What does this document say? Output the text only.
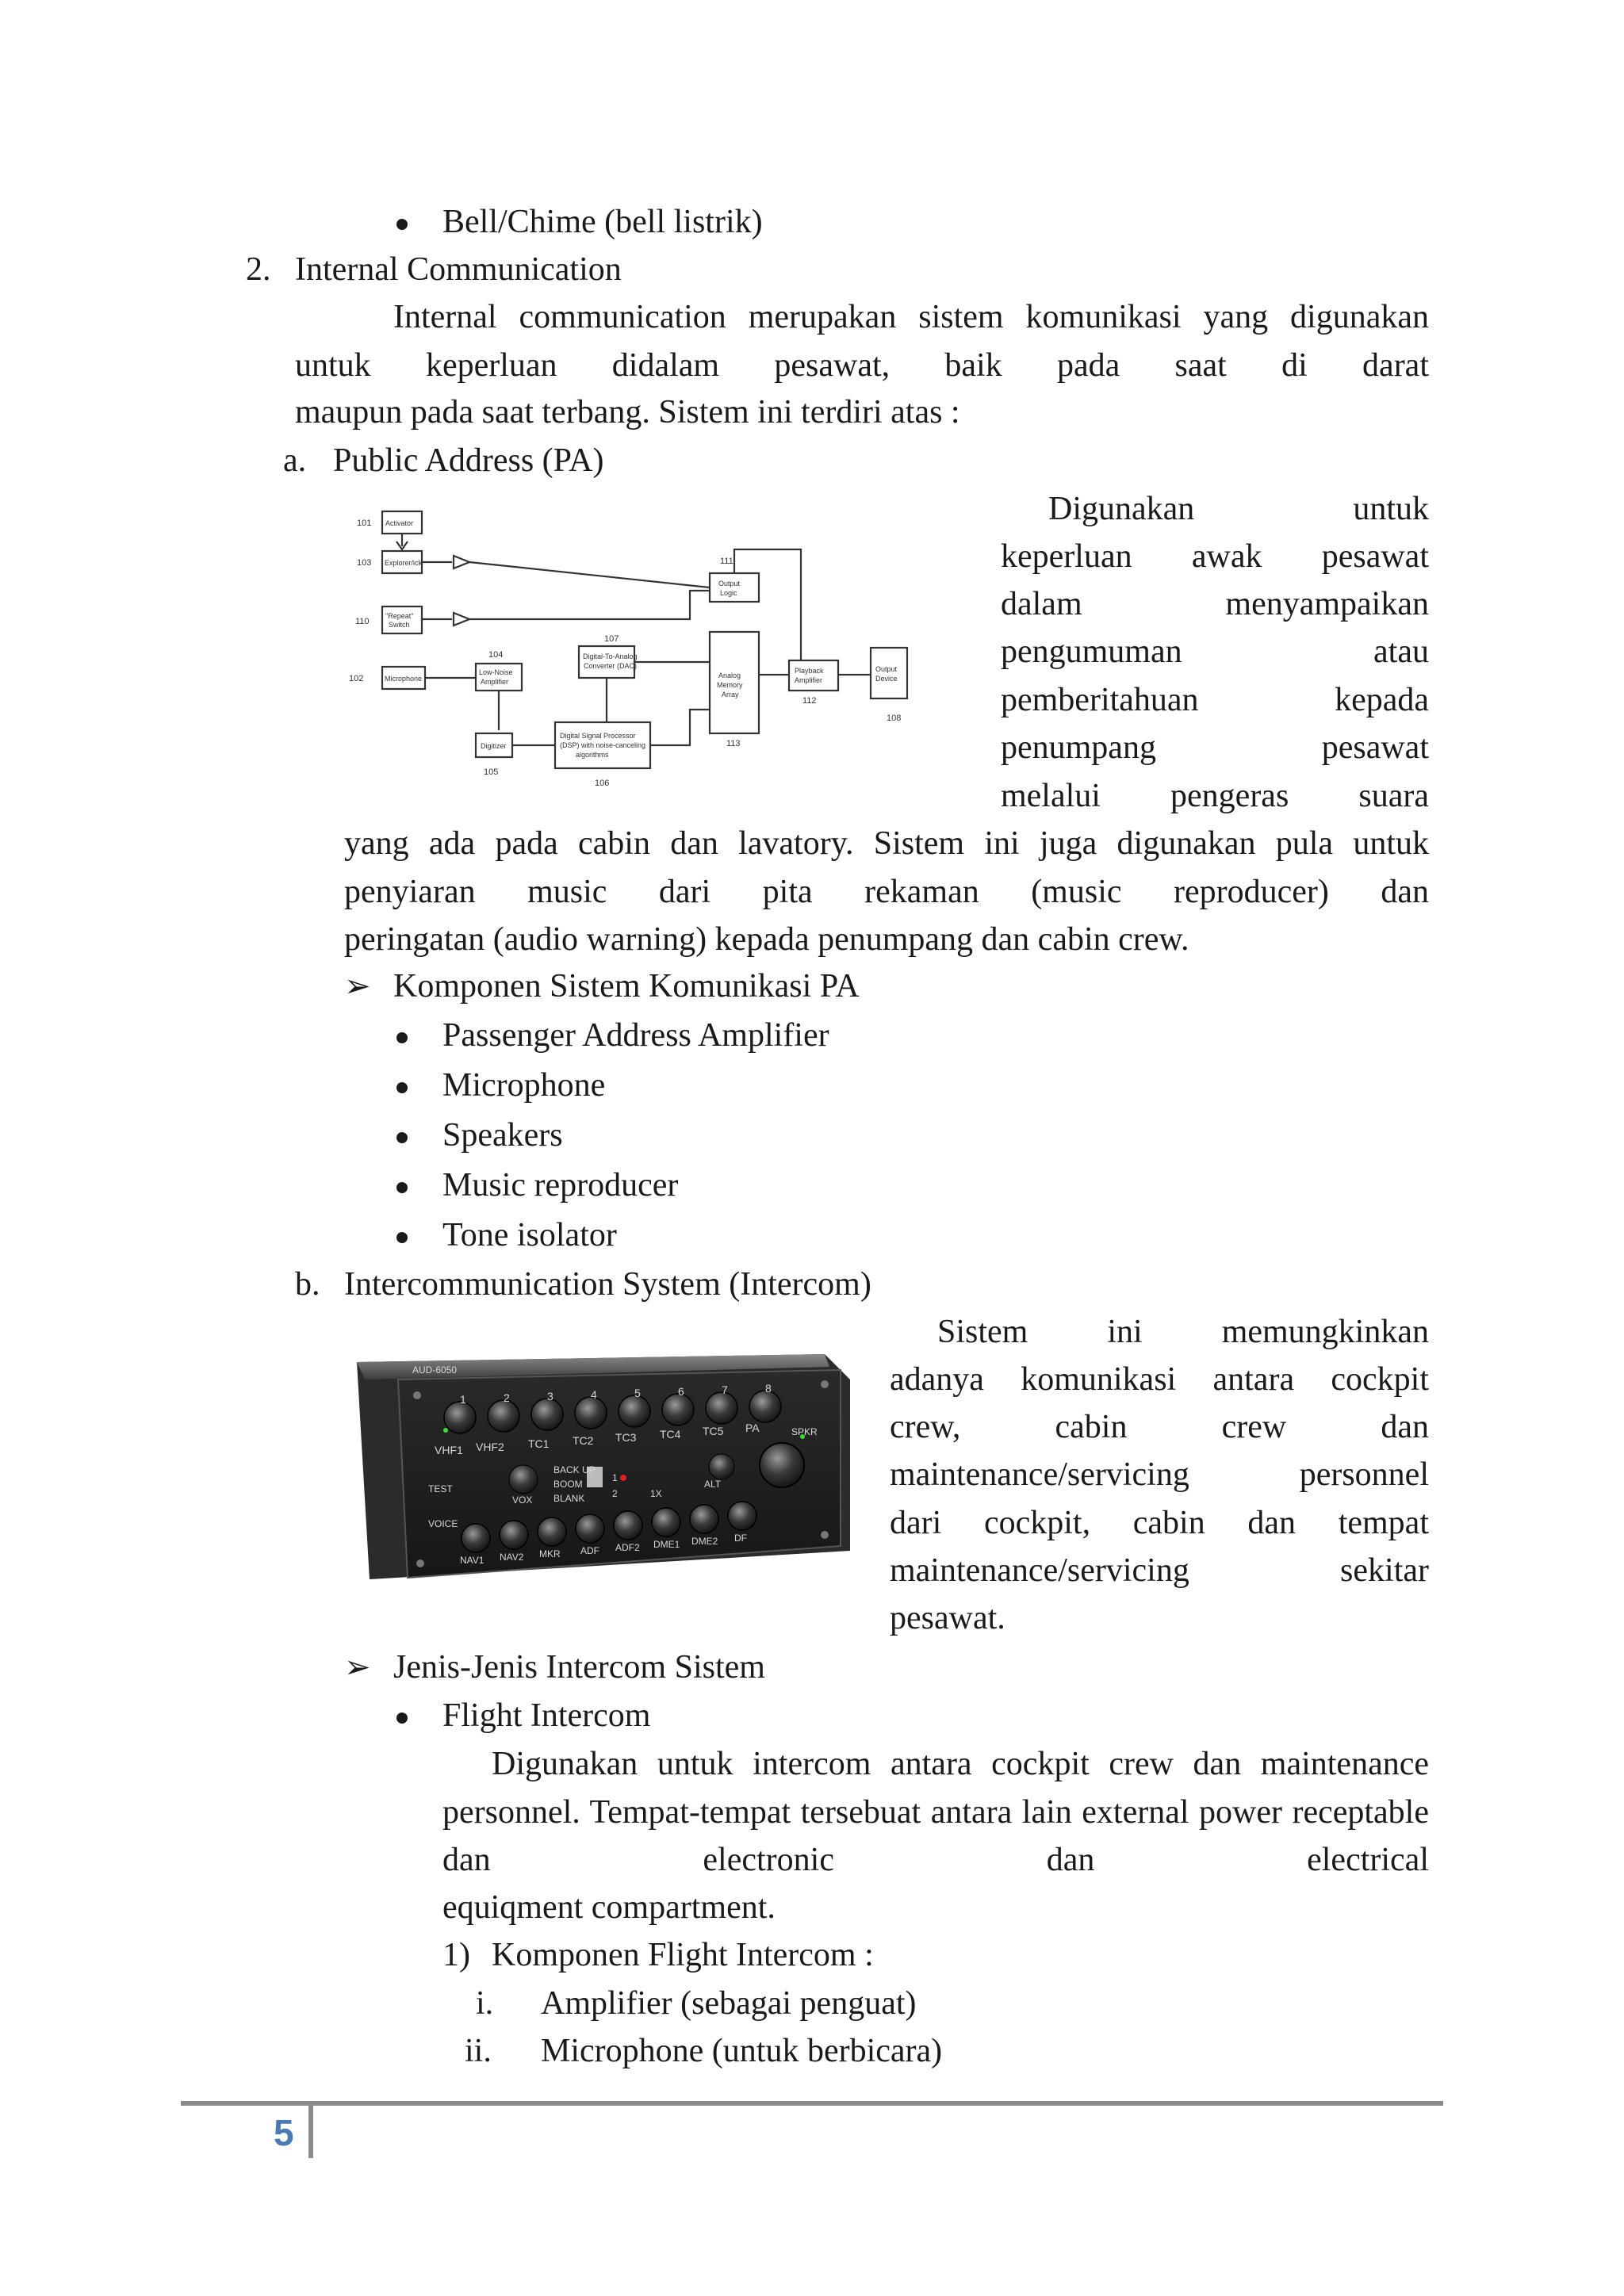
Bell/Chime (bell listrik)
2. Internal Communication
Internal communication merupakan sistem komunikasi yang digunakan untuk keperluan didalam pesawat, baik pada saat di darat
maupun pada saat terbang. Sistem ini terdiri atas :
a. Public Address (PA)
Activator
Explorer/ick
"Repeat"
Switch
Microphone
Low-Noise
Amplifier
Digitizer
Digital-To-Analog
Converter (DAC)
Digital Signal Processor
(DSP) with noise-canceling
algorithms
Analog
Memory
Array
Output
Logic
Playback
Amplifier
Output
Device
101
103
110
102
104
105
106
107
111
113
112
108
Digunakan untuk
keperluan awak pesawat
dalam menyampaikan
pengumuman atau
pemberitahuan kepada
penumpang pesawat
melalui pengeras suara
yang ada pada cabin dan lavatory. Sistem ini juga digunakan pula untuk penyiaran music dari pita rekaman (music reproducer) dan
peringatan (audio warning) kepada penumpang dan cabin crew.
➢ Komponen Sistem Komunikasi PA
Passenger Address Amplifier
Microphone
Speakers
Music reproducer
Tone isolator
b. Intercommunication System (Intercom)
VHF1 VHF2 TC1 TC2 TC3 TC4 TC5 PA
1	2	3	4	5	6	7	8
NAV1 NAV2 MKR ADF ADF2 DME1 DME2 DF
TEST
VOICE
VOX
BACK UP
BOOM
BLANK
1
2	1X
ALT
SPKR
AUD-6050
Sistem ini memungkinkan
adanya komunikasi antara cockpit
crew, cabin crew dan
maintenance/servicing personnel
dari cockpit, cabin dan tempat
maintenance/servicing sekitar
pesawat.
➢ Jenis-Jenis Intercom Sistem
Flight Intercom
Digunakan untuk intercom antara cockpit crew dan maintenance personnel. Tempat-tempat tersebuat antara lain external power receptable dan electronic dan electrical
equiqment compartment.
1) Komponen Flight Intercom :
i. Amplifier (sebagai penguat)
ii. Microphone (untuk berbicara)
5
